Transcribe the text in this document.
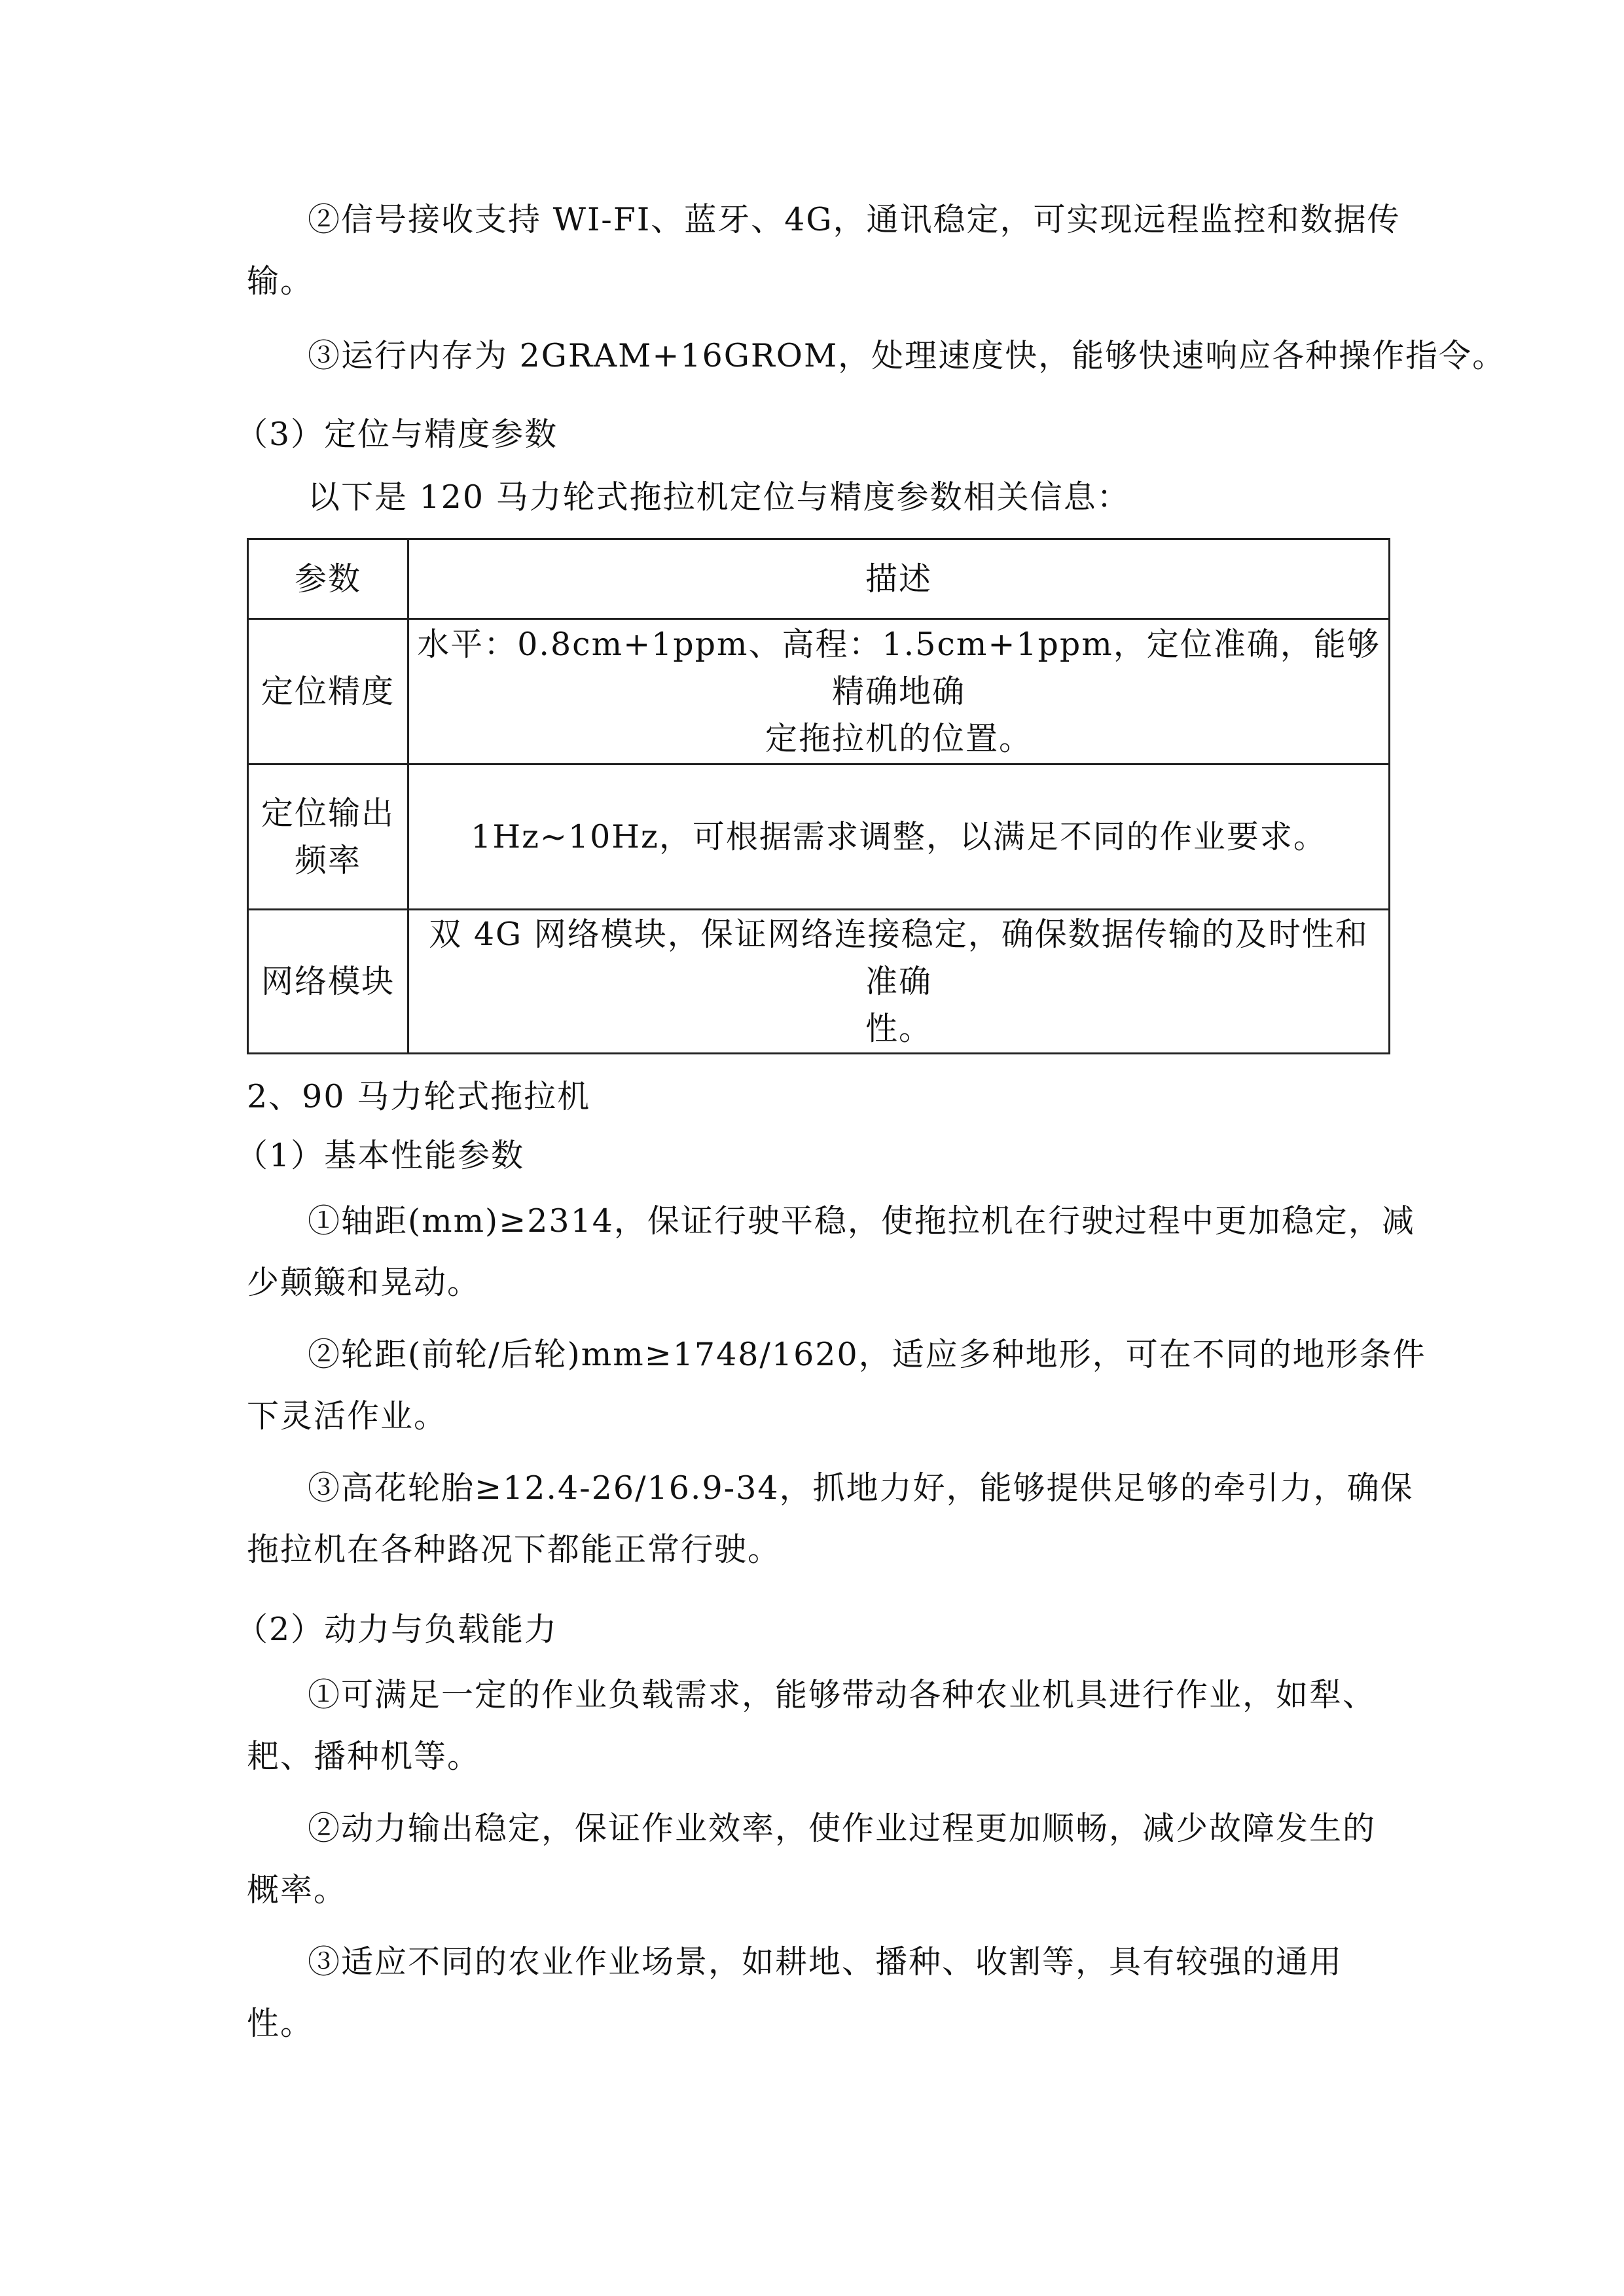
②信号接收支持 WI-FI、蓝牙、4G，通讯稳定，可实现远程监控和数据传
输。
③运行内存为 2GRAM+16GROM，处理速度快，能够快速响应各种操作指令。
（3）定位与精度参数
以下是 120 马力轮式拖拉机定位与精度参数相关信息：
参数	描述
定位精度	水平：0.8cm+1ppm、高程：1.5cm+1ppm，定位准确，能够精确地确
定拖拉机的位置。
定位输出
频率	1Hz~10Hz，可根据需求调整，以满足不同的作业要求。
网络模块	双 4G 网络模块，保证网络连接稳定，确保数据传输的及时性和准确
性。
2、90 马力轮式拖拉机
（1）基本性能参数
①轴距(mm)≥2314，保证行驶平稳，使拖拉机在行驶过程中更加稳定，减
少颠簸和晃动。
②轮距(前轮/后轮)mm≥1748/1620，适应多种地形，可在不同的地形条件
下灵活作业。
③高花轮胎≥12.4-26/16.9-34，抓地力好，能够提供足够的牵引力，确保
拖拉机在各种路况下都能正常行驶。
（2）动力与负载能力
①可满足一定的作业负载需求，能够带动各种农业机具进行作业，如犁、
耙、播种机等。
②动力输出稳定，保证作业效率，使作业过程更加顺畅，减少故障发生的
概率。
③适应不同的农业作业场景，如耕地、播种、收割等，具有较强的通用
性。
